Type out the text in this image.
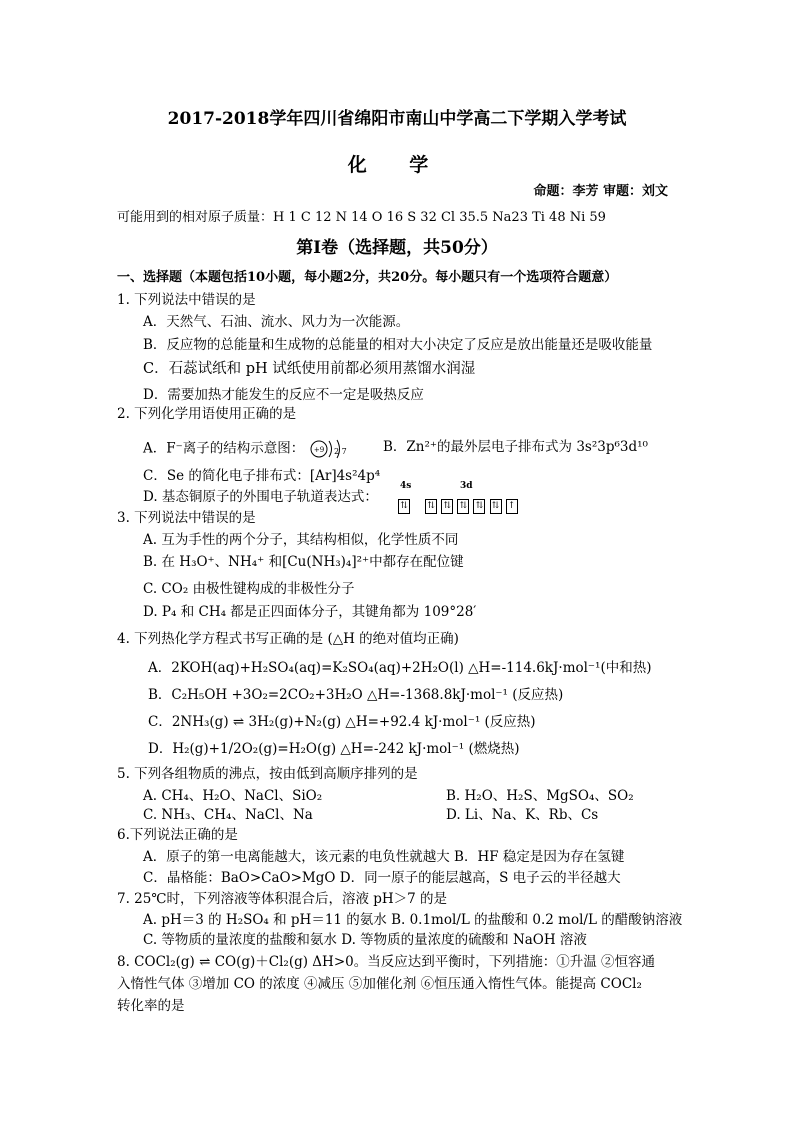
2017-2018学年四川省绵阳市南山中学高二下学期入学考试
化 学
命题：李芳 审题：刘文
可能用到的相对原子质量：H 1 C 12 N 14 O 16 S 32 Cl 35.5 Na23 Ti 48 Ni 59
第Ⅰ卷（选择题，共50分）
一、选择题（本题包括10小题，每小题2分，共20分。每小题只有一个选项符合题意）
1. 下列说法中错误的是
A．天然气、石油、流水、风力为一次能源。
B．反应物的总能量和生成物的总能量的相对大小决定了反应是放出能量还是吸收能量
C．石蕊试纸和 pH 试纸使用前都必须用蒸馏水润湿
D．需要加热才能发生的反应不一定是吸热反应
2. 下列化学用语使用正确的是
A．F⁻离子的结构示意图： +9 2 7	B．Zn²⁺的最外层电子排布式为 3s²3p⁶3d¹⁰
C．Se 的简化电子排布式：[Ar]4s²4p⁴
D. 基态铜原子的外围电子轨道表达式：
4s	3d
⇅ ⇅ ⇅ ⇅ ⇅ ⇅ ↑
3. 下列说法中错误的是
A. 互为手性的两个分子，其结构相似，化学性质不同
B. 在 H₃O⁺、NH₄⁺ 和[Cu(NH₃)₄]²⁺中都存在配位键
C. CO₂ 由极性键构成的非极性分子
D. P₄ 和 CH₄ 都是正四面体分子，其键角都为 109°28′
4. 下列热化学方程式书写正确的是 (△H 的绝对值均正确)
A．2KOH(aq)+H₂SO₄(aq)=K₂SO₄(aq)+2H₂O(l) △H=-114.6kJ·mol⁻¹(中和热)
B．C₂H₅OH +3O₂=2CO₂+3H₂O △H=-1368.8kJ·mol⁻¹ (反应热)
C．2NH₃(g) ⇌ 3H₂(g)+N₂(g) △H=+92.4 kJ·mol⁻¹ (反应热)
D．H₂(g)+1/2O₂(g)=H₂O(g) △H=-242 kJ·mol⁻¹ (燃烧热)
5. 下列各组物质的沸点，按由低到高顺序排列的是
A. CH₄、H₂O、NaCl、SiO₂	B. H₂O、H₂S、MgSO₄、SO₂
C. NH₃、CH₄、NaCl、Na	D. Li、Na、K、Rb、Cs
6.下列说法正确的是
A．原子的第一电离能越大，该元素的电负性就越大 B．HF 稳定是因为存在氢键
C．晶格能：BaO>CaO>MgO D．同一原子的能层越高，S 电子云的半径越大
7. 25℃时，下列溶液等体积混合后，溶液 pH＞7 的是
A. pH＝3 的 H₂SO₄ 和 pH＝11 的氨水 B. 0.1mol/L 的盐酸和 0.2 mol/L 的醋酸钠溶液
C. 等物质的量浓度的盐酸和氨水 D. 等物质的量浓度的硫酸和 NaOH 溶液
8. COCl₂(g) ⇌ CO(g)＋Cl₂(g) ΔH>0。当反应达到平衡时，下列措施：①升温 ②恒容通
入惰性气体 ③增加 CO 的浓度 ④减压 ⑤加催化剂 ⑥恒压通入惰性气体。能提高 COCl₂
转化率的是
